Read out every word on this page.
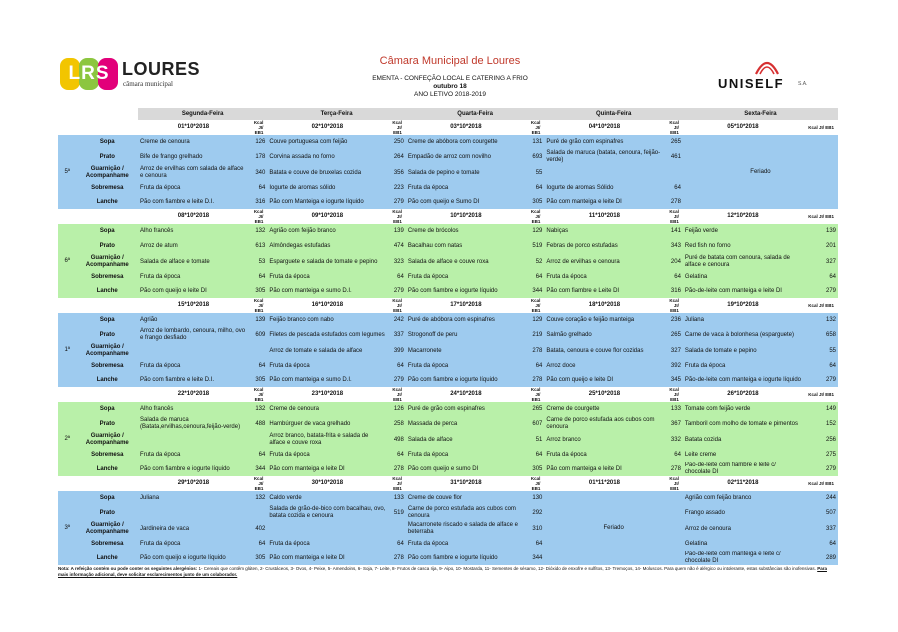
LRS LOURES
câmara municipal
Câmara Municipal de Loures
EMENTA - CONFEÇÃO LOCAL E CATERING A FRIO
outubro 18
ANO LETIVO 2018-2019
UNISELF	S.A.
		Segunda-Feira		Terça-Feira		Quarta-Feira		Quinta-Feira		Sexta-Feira	
		01*10*2018	Kcal JI/ EB1	02*10*2018	Kcal JI/ EB1	03*10*2018	Kcal JI/ EB1	04*10*2018	Kcal JI/ EB1	05*10*2018	Kcal JI/ EB1
5ª	Sopa	Creme de cenoura	126	Couve portuguesa com feijão	250	Creme de abóbora com courgette	131	Puré de grão com espinafres	265	Feriado	
	Prato	Bife de frango grelhado	178	Corvina assada no forno	264	Empadão de arroz com novilho	693	Salada de maruca (batata, cenoura, feijão-verde)	461		
	Guarnição / Acompanhame	Arroz de ervilhas com salada de alface e cenoura	340	Batata e couve de bruxelas cozida	356	Salada de pepino e tomate	55				
	Sobremesa	Fruta da época	64	Iogurte de aromas sólido	223	Fruta da época	64	Iogurte de aromas Sólido	64		
	Lanche	Pão com fiambre e leite D.I.	316	Pão com Manteiga e iogurte líquido	279	Pão com queijo e Sumo DI	305	Pão com manteiga e leite DI	278		
		08*10*2018	Kcal JI/ EB1	09*10*2018	Kcal JI/ EB1	10*10*2018	Kcal JI/ EB1	11*10*2018	Kcal JI/ EB1	12*10*2018	Kcal JI/ EB1
6ª	Sopa	Alho francês	132	Agrião com feijão branco	139	Creme de brócolos	129	Nabiças	141	Feijão verde	139
	Prato	Arroz de atum	613	Almôndegas estufadas	474	Bacalhau com natas	519	Febras de porco estufadas	343	Red fish no forno	201
	Guarnição / Acompanhame	Salada de alface e tomate	53	Esparguete e salada de tomate e pepino	323	Salada de alface e couve roxa	52	Arroz de ervilhas e cenoura	204	Puré de batata com cenoura, salada de alface e cenoura	327
	Sobremesa	Fruta da época	64	Fruta da época	64	Fruta da época	64	Fruta da época	64	Gelatina	64
	Lanche	Pão com queijo e leite DI	305	Pão com manteiga e sumo D.I.	279	Pão com fiambre e iogurte líquido	344	Pão com fiambre e Leite DI	316	Pão-de-leite com manteiga e leite DI	279
		15*10*2018	Kcal JI/ EB1	16*10*2018	Kcal JI/ EB1	17*10*2018	Kcal JI/ EB1	18*10*2018	Kcal JI/ EB1	19*10*2018	Kcal JI/ EB1
1ª	Sopa	Agrião	139	Feijão branco com nabo	242	Puré de abóbora com espinafres	129	Couve coração e feijão manteiga	236	Juliana	132
	Prato	Arroz de lombardo, cenoura, milho, ovo e frango desfiado	609	Filetes de pescada estufados com legumes	337	Strogonoff de peru	219	Salmão grelhado	265	Carne de vaca à bolonhesa (esparguete)	658
	Guarnição / Acompanhame			Arroz de tomate e salada de alface	399	Macarronete	278	Batata, cenoura e couve flor cozidas	327	Salada de tomate e pepino	55
	Sobremesa	Fruta da época	64	Fruta da época	64	Fruta da época	64	Arroz doce	392	Fruta da época	64
	Lanche	Pão com fiambre e leite D.I.	305	Pão com manteiga e sumo D.I.	279	Pão com fiambre e iogurte líquido	278	Pão com queijo e leite DI	345	Pão-de-leite com manteiga e iogurte líquido	279
		22*10*2018	Kcal JI/ EB1	23*10*2018	Kcal JI/ EB1	24*10*2018	Kcal JI/ EB1	25*10*2018	Kcal JI/ EB1	26*10*2018	Kcal JI/ EB1
2ª	Sopa	Alho francês	132	Creme de cenoura	126	Puré de grão com espinafres	265	Creme de courgette	133	Tomate com feijão verde	149
	Prato	Salada de maruca (Batata,ervilhas,cenoura,feijão-verde)	488	Hambúrguer de vaca grelhado	258	Massada de perca	607	Carne de porco estufada aos cubos com cenoura	367	Tamboril com molho de tomate e pimentos	152
	Guarnição / Acompanhame			Arroz branco, batata-frita e salada de alface e couve roxa	498	Salada de alface	51	Arroz branco	332	Batata cozida	256
	Sobremesa	Fruta da época	64	Fruta da época	64	Fruta da época	64	Fruta da época	64	Leite creme	275
	Lanche	Pão com fiambre e iogurte líquido	344	Pão com manteiga e leite DI	278	Pão com queijo e sumo DI	305	Pão com manteiga e leite DI	278	Pão-de-leite com fiambre e leite c/ chocolate DI	279
		29*10*2018	Kcal JI/ EB1	30*10*2018	Kcal JI/ EB1	31*10*2018	Kcal JI/ EB1	01*11*2018	Kcal JI/ EB1	02*11*2018	Kcal JI/ EB1
3ª	Sopa	Juliana	132	Caldo verde	133	Creme de couve flor	130	Feriado		Agrião com feijão branco	244
	Prato			Salada de grão-de-bico com bacalhau, ovo, batata cozida e cenoura	519	Carne de porco estufada aos cubos com cenoura	292			Frango assado	507
	Guarnição / Acompanhame	Jardineira de vaca	402			Macarronete riscado e salada de alface e beterraba	310			Arroz de cenoura	337
	Sobremesa	Fruta da época	64	Fruta da época	64	Fruta da época	64			Gelatina	64
	Lanche	Pão com queijo e iogurte líquido	305	Pão com manteiga e leite DI	278	Pão com fiambre e iogurte líquido	344			Pão-de-leite com manteiga e leite c/ chocolate DI	289
Nota: A refeição contém ou pode conter os seguintes alergénios: 1- Cereais que contêm glúten, 2- Crustáceos, 3- Ovos, 4- Peixe, 5- Amendoins, 6- Soja, 7- Leite, 8- Frutos de casca rija, 9- Aipo, 10- Mostarda, 11- Sementes de sésamo, 12- Dióxido de enxofre e sulfitos, 13- Tremoços, 14- Moluscos. Para quem não é alérgico ou intolerante, estas substâncias são inofensivas. Para mais informação adicional, deve solicitar esclarecimentos junto de um colaborador.
